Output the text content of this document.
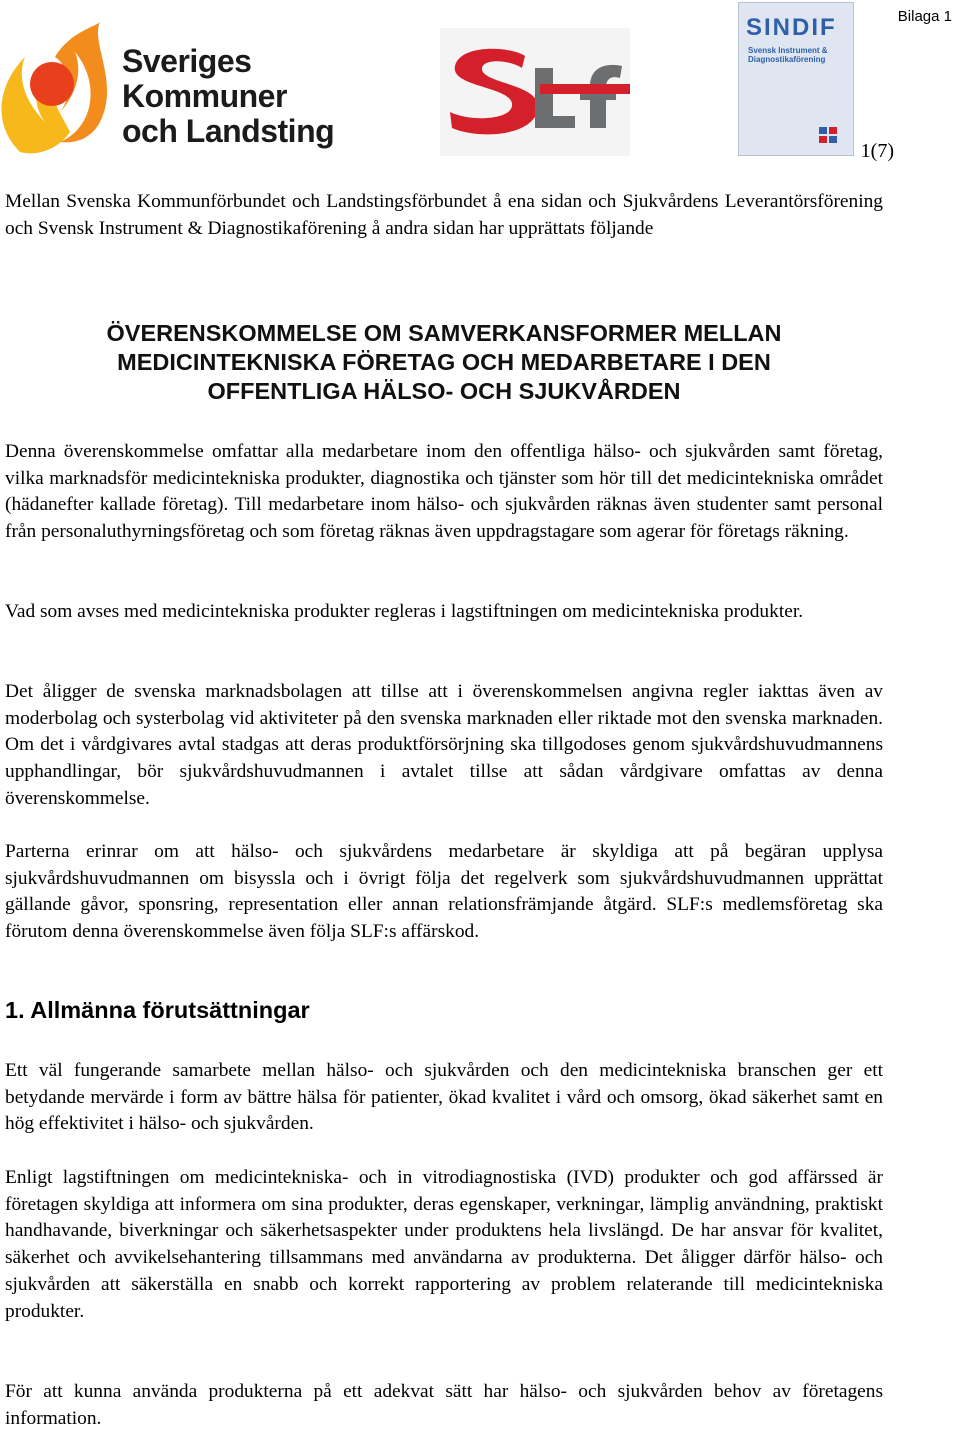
Bilaga 1
Sveriges
Kommuner
och Landsting
SINDIF
Svensk Instrument &
Diagnostikaförening
1(7)

Mellan Svenska Kommunförbundet och Landstingsförbundet å ena sidan och Sjukvårdens Leverantörsförening och Svensk Instrument & Diagnostikaförening å andra sidan har upprättats följande

ÖVERENSKOMMELSE OM SAMVERKANSFORMER MELLAN
MEDICINTEKNISKA FÖRETAG OCH MEDARBETARE I DEN
OFFENTLIGA HÄLSO- OCH SJUKVÅRDEN

Denna överenskommelse omfattar alla medarbetare inom den offentliga hälso- och sjukvården samt företag, vilka marknadsför medicintekniska produkter, diagnostika och tjänster som hör till det medicintekniska området (hädanefter kallade företag). Till medarbetare inom hälso- och sjukvården räknas även studenter samt personal från personaluthyrningsföretag och som företag räknas även uppdragstagare som agerar för företags räkning.

Vad som avses med medicintekniska produkter regleras i lagstiftningen om medicintekniska produkter.

Det åligger de svenska marknadsbolagen att tillse att i överenskommelsen angivna regler iakttas även av moderbolag och systerbolag vid aktiviteter på den svenska marknaden eller riktade mot den svenska marknaden. Om det i vårdgivares avtal stadgas att deras produktförsörjning ska tillgodoses genom sjukvårdshuvudmannens upphandlingar, bör sjukvårdshuvudmannen i avtalet tillse att sådan vårdgivare omfattas av denna överenskommelse.

Parterna erinrar om att hälso- och sjukvårdens medarbetare är skyldiga att på begäran upplysa sjukvårdshuvudmannen om bisyssla och i övrigt följa det regelverk som sjukvårdshuvudmannen upprättat gällande gåvor, sponsring, representation eller annan relationsfrämjande åtgärd. SLF:s medlemsföretag ska förutom denna överenskommelse även följa SLF:s affärskod.

1. Allmänna förutsättningar

Ett väl fungerande samarbete mellan hälso- och sjukvården och den medicintekniska branschen ger ett betydande mervärde i form av bättre hälsa för patienter, ökad kvalitet i vård och omsorg, ökad säkerhet samt en hög effektivitet i hälso- och sjukvården.

Enligt lagstiftningen om medicintekniska- och in vitrodiagnostiska (IVD) produkter och god affärssed är företagen skyldiga att informera om sina produkter, deras egenskaper, verkningar, lämplig användning, praktiskt handhavande, biverkningar och säkerhetsaspekter under produktens hela livslängd. De har ansvar för kvalitet, säkerhet och avvikelsehantering tillsammans med användarna av produkterna. Det åligger därför hälso- och sjukvården att säkerställa en snabb och korrekt rapportering av problem relaterande till medicintekniska produkter.

För att kunna använda produkterna på ett adekvat sätt har hälso- och sjukvården behov av företagens information.
